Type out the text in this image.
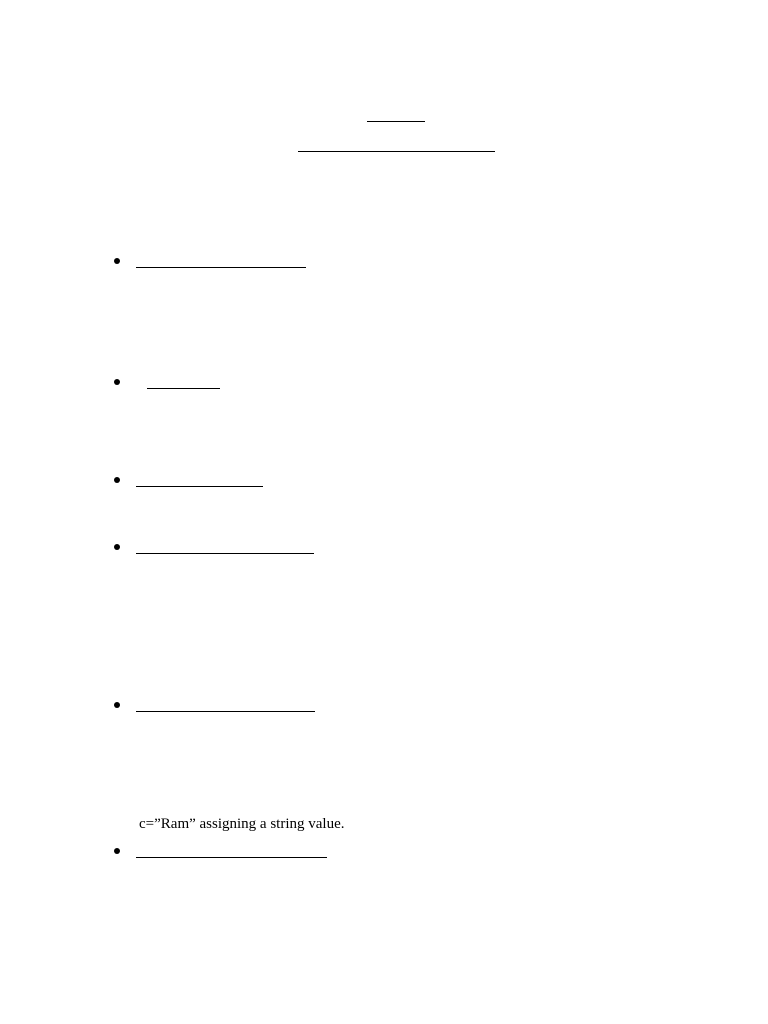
c=”Ram” assigning a string value.
